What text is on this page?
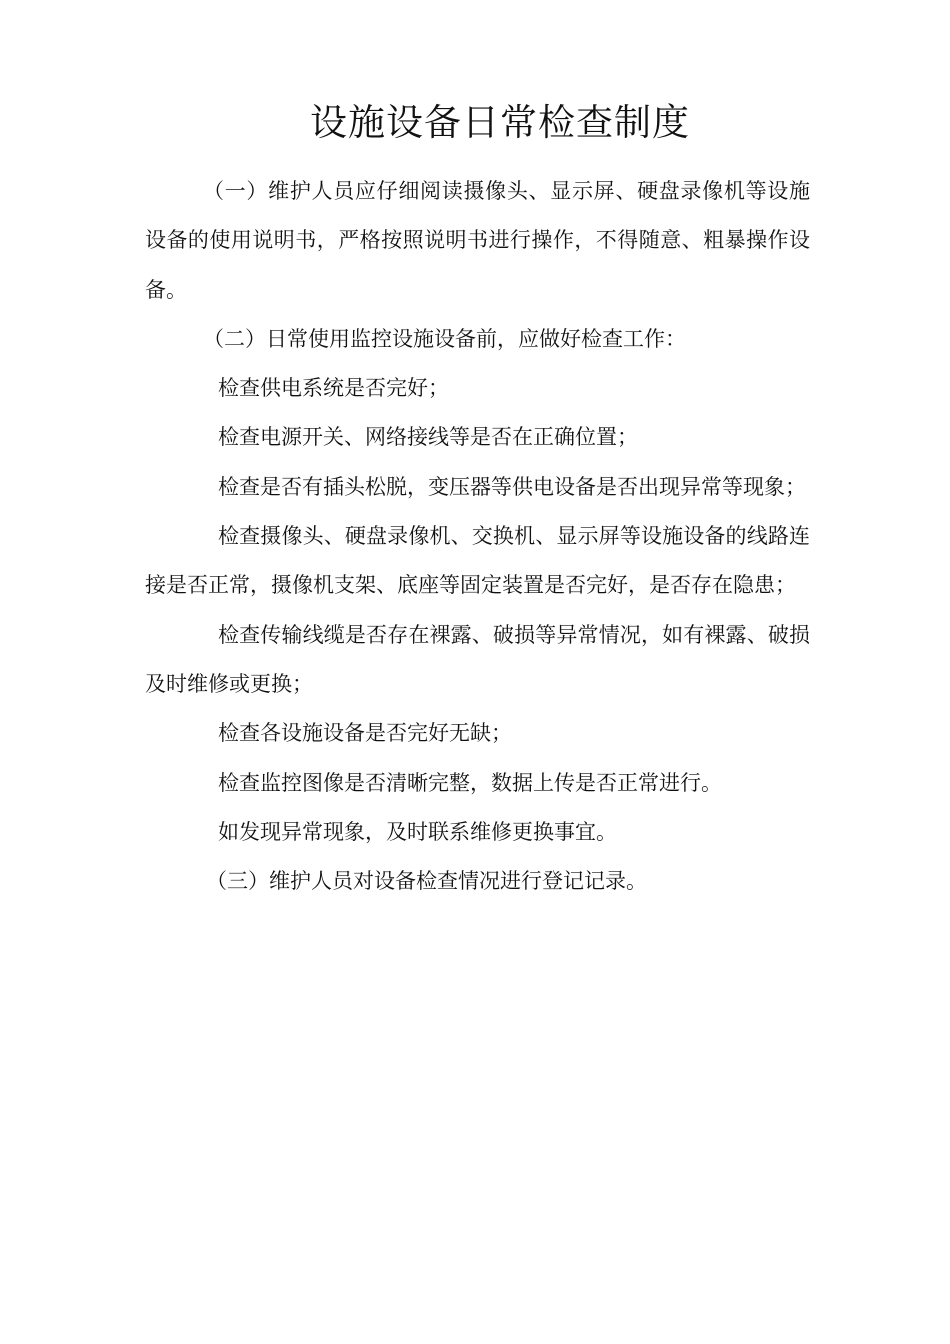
设施设备日常检查制度

（一）维护人员应仔细阅读摄像头、显示屏、硬盘录像机等设施设备的使用说明书，严格按照说明书进行操作，不得随意、粗暴操作设备。

（二）日常使用监控设施设备前，应做好检查工作：

检查供电系统是否完好；

检查电源开关、网络接线等是否在正确位置；

检查是否有插头松脱，变压器等供电设备是否出现异常等现象；

检查摄像头、硬盘录像机、交换机、显示屏等设施设备的线路连接是否正常，摄像机支架、底座等固定装置是否完好，是否存在隐患；

检查传输线缆是否存在裸露、破损等异常情况，如有裸露、破损及时维修或更换；

检查各设施设备是否完好无缺；

检查监控图像是否清晰完整，数据上传是否正常进行。

如发现异常现象，及时联系维修更换事宜。

（三）维护人员对设备检查情况进行登记记录。
